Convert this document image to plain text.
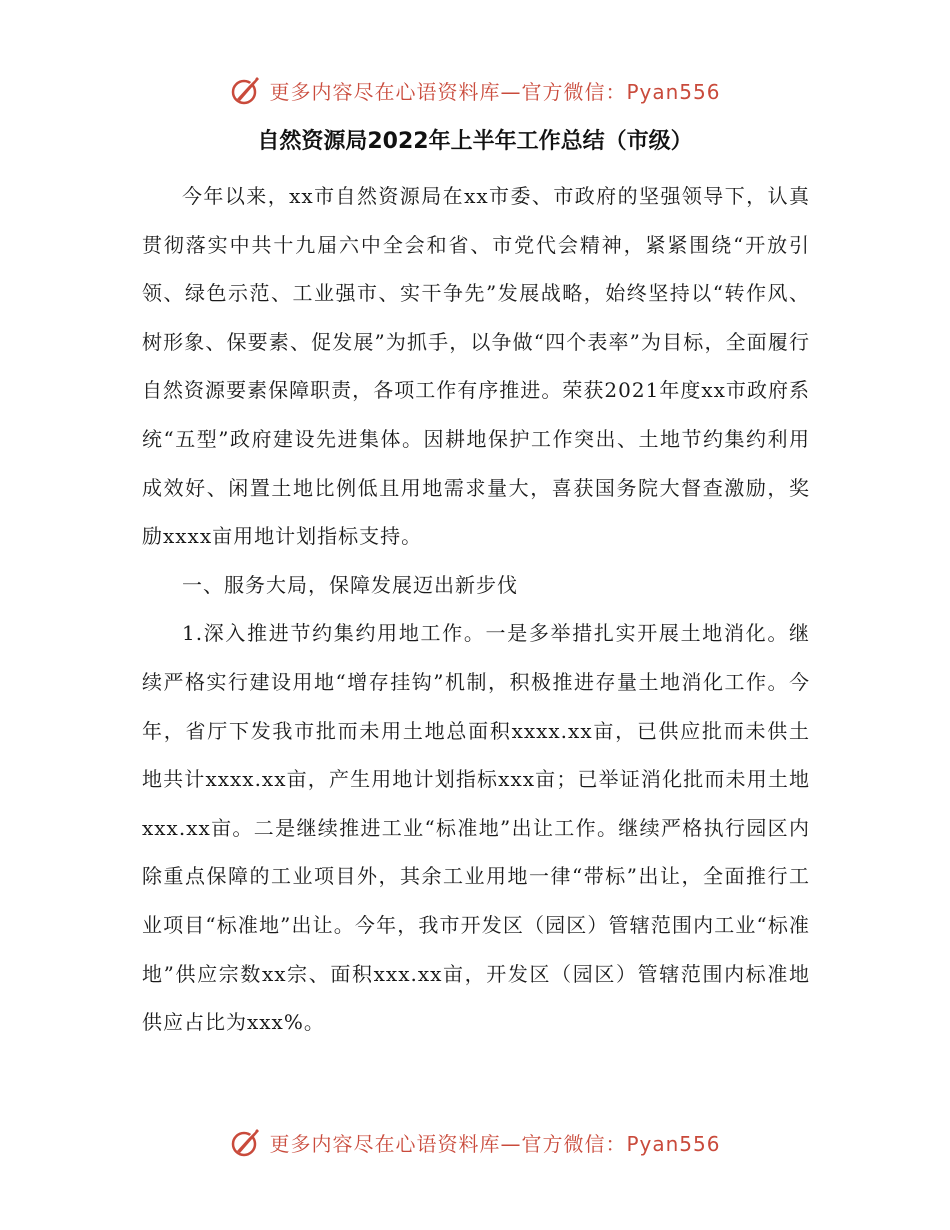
更多内容尽在心语资料库—官方微信：Pyan556
自然资源局2022年上半年工作总结（市级）

今年以来，xx市自然资源局在xx市委、市政府的坚强领导下，认真贯彻落实中共十九届六中全会和省、市党代会精神，紧紧围绕“开放引领、绿色示范、工业强市、实干争先”发展战略，始终坚持以“转作风、树形象、保要素、促发展”为抓手，以争做“四个表率”为目标，全面履行自然资源要素保障职责，各项工作有序推进。荣获2021年度xx市政府系统“五型”政府建设先进集体。因耕地保护工作突出、土地节约集约利用成效好、闲置土地比例低且用地需求量大，喜获国务院大督查激励，奖励xxxx亩用地计划指标支持。

一、服务大局，保障发展迈出新步伐

1.深入推进节约集约用地工作。一是多举措扎实开展土地消化。继续严格实行建设用地“增存挂钩”机制，积极推进存量土地消化工作。今年，省厅下发我市批而未用土地总面积xxxx.xx亩，已供应批而未供土地共计xxxx.xx亩，产生用地计划指标xxx亩；已举证消化批而未用土地xxx.xx亩。二是继续推进工业“标准地”出让工作。继续严格执行园区内除重点保障的工业项目外，其余工业用地一律“带标”出让，全面推行工业项目“标准地”出让。今年，我市开发区（园区）管辖范围内工业“标准地”供应宗数xx宗、面积xxx.xx亩，开发区（园区）管辖范围内标准地供应占比为xxx%。

更多内容尽在心语资料库—官方微信：Pyan556
